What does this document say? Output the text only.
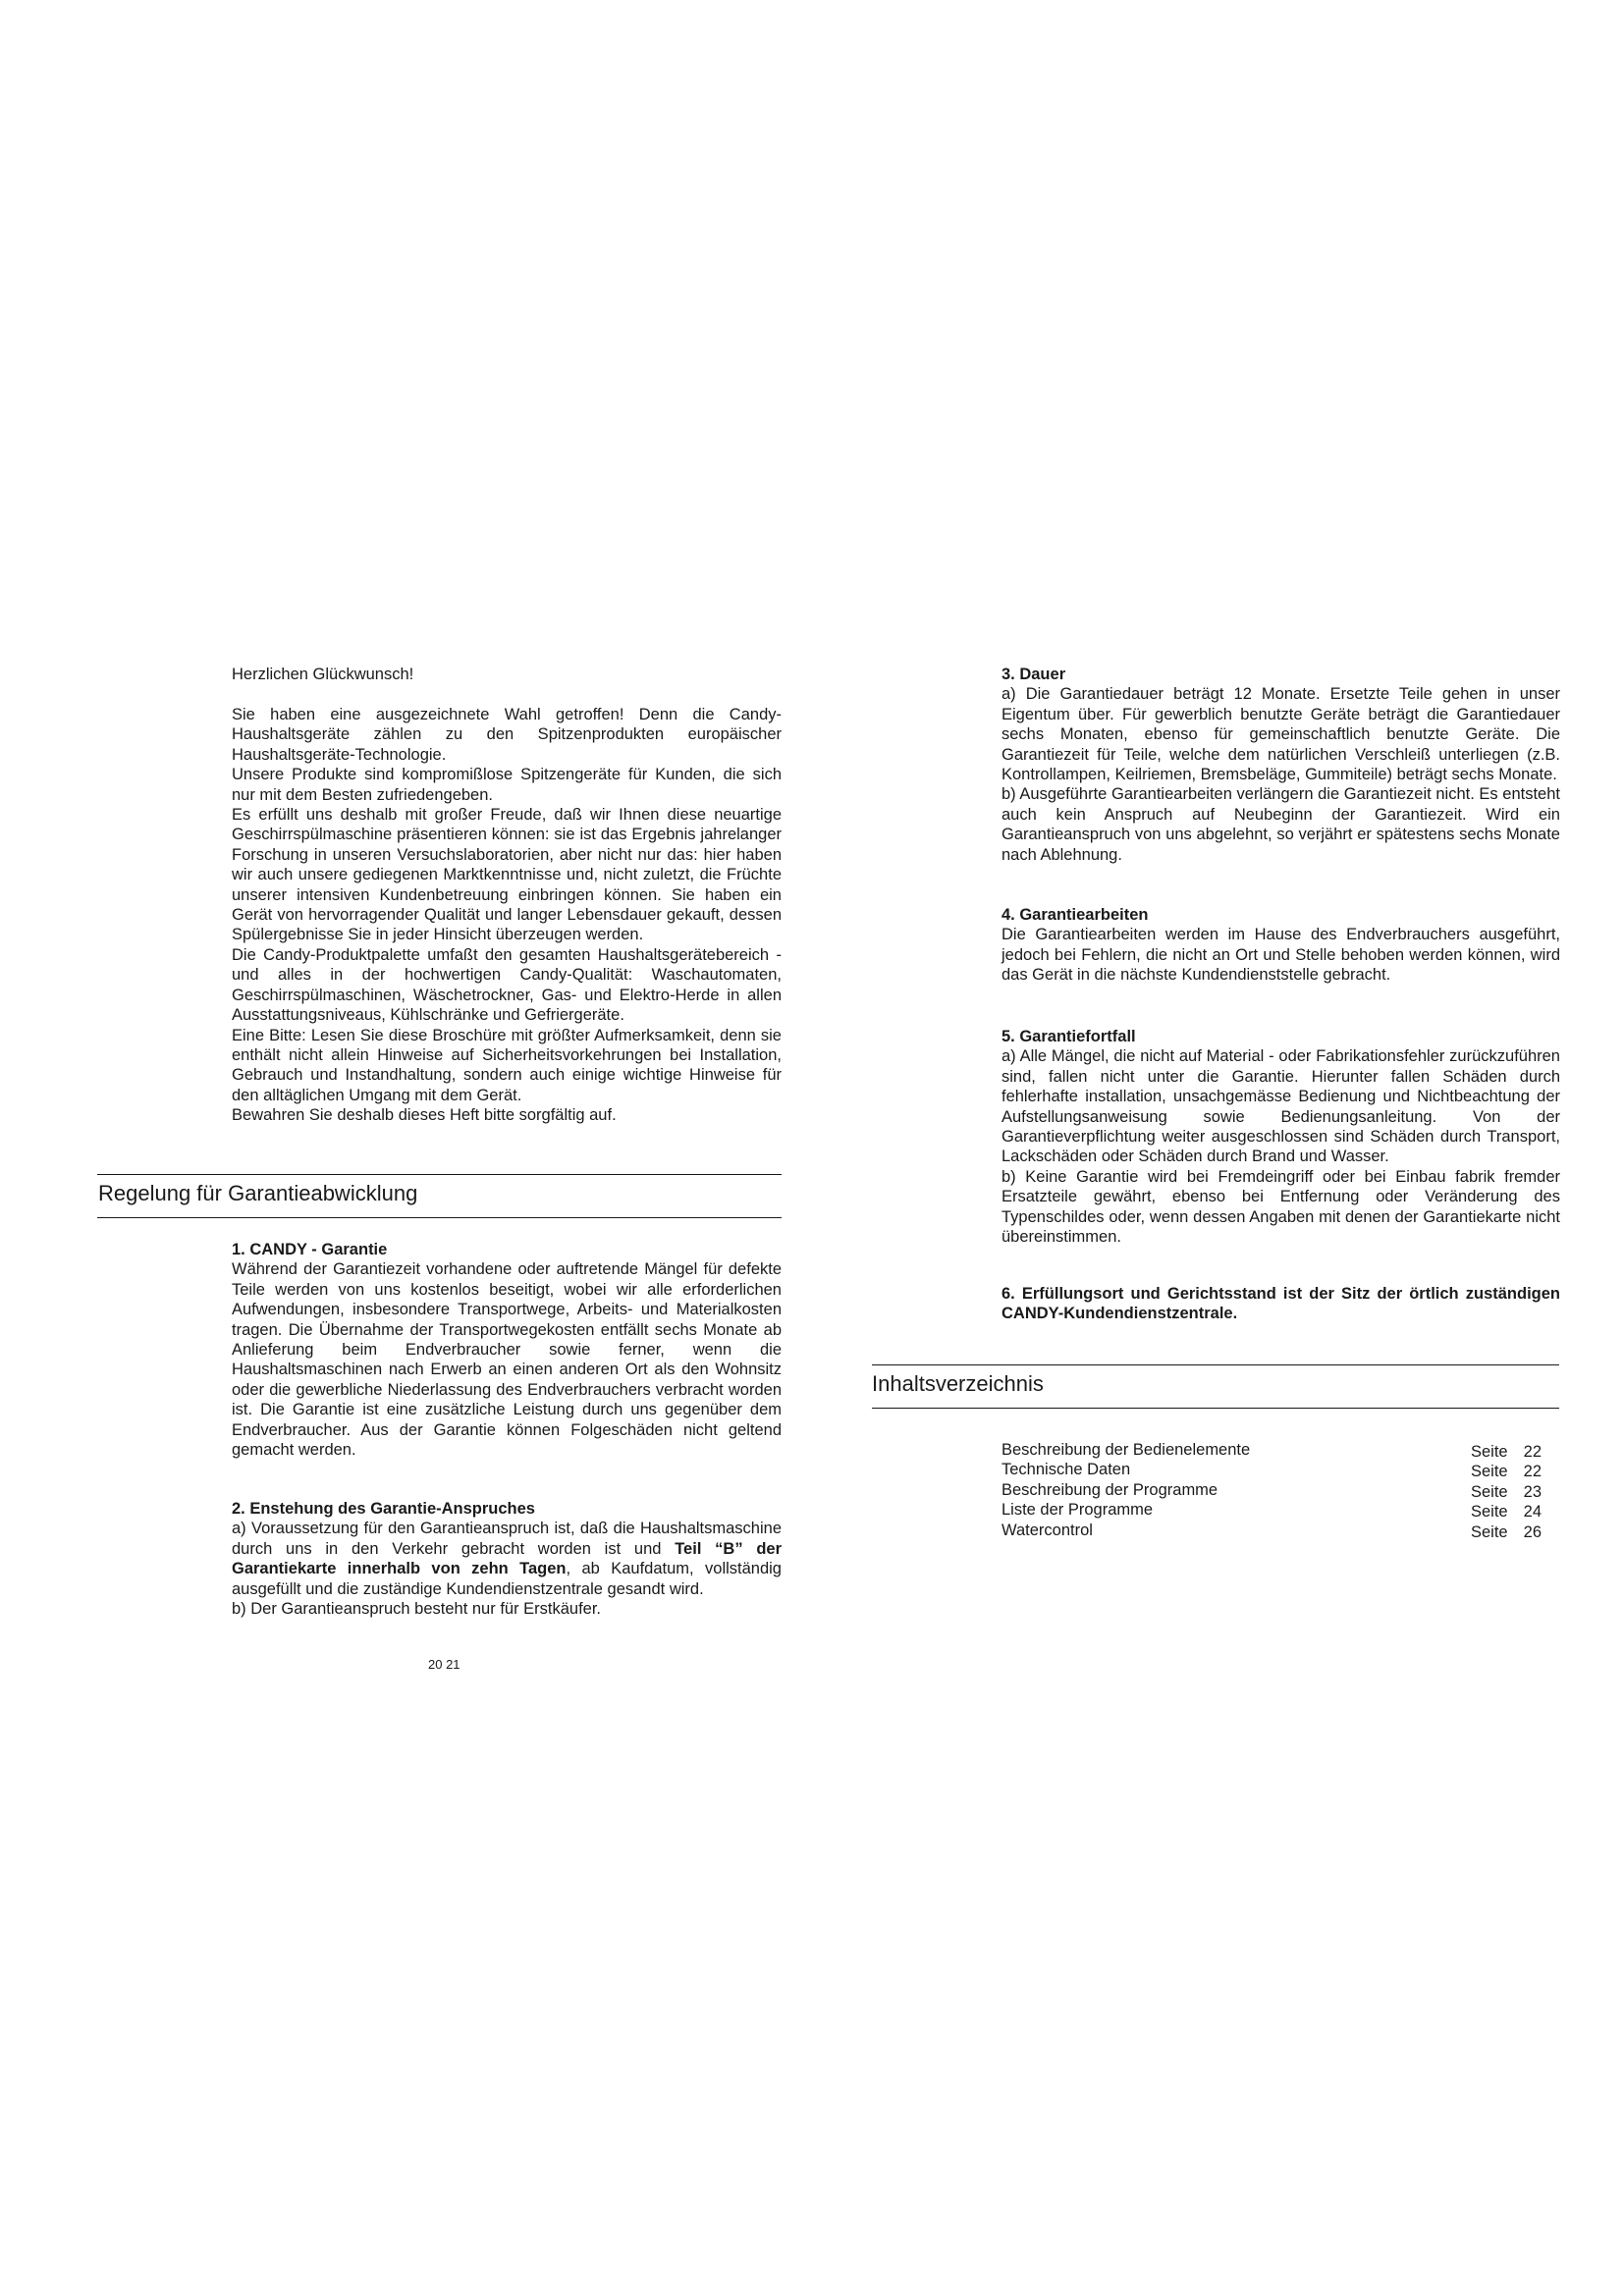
Herzlichen Glückwunsch!

Sie haben eine ausgezeichnete Wahl getroffen! Denn die Candy-Haushaltsgeräte zählen zu den Spitzenprodukten europäischer Haushaltsgeräte-Technologie.

Unsere Produkte sind kompromißlose Spitzengeräte für Kunden, die sich nur mit dem Besten zufriedengeben.

Es erfüllt uns deshalb mit großer Freude, daß wir Ihnen diese neuartige Geschirrspülmaschine präsentieren können: sie ist das Ergebnis jahrelanger Forschung in unseren Versuchslaboratorien, aber nicht nur das: hier haben wir auch unsere gediegenen Marktkenntnisse und, nicht zuletzt, die Früchte unserer intensiven Kundenbetreuung einbringen können. Sie haben ein Gerät von hervorragender Qualität und langer Lebensdauer gekauft, dessen Spülergebnisse Sie in jeder Hinsicht überzeugen werden.

Die Candy-Produktpalette umfaßt den gesamten Haushaltsgerätebereich - und alles in der hochwertigen Candy-Qualität: Waschautomaten, Geschirrspülmaschinen, Wäschetrockner, Gas- und Elektro-Herde in allen Ausstattungsniveaus, Kühlschränke und Gefriergeräte.

Eine Bitte: Lesen Sie diese Broschüre mit größter Aufmerksamkeit, denn sie enthält nicht allein Hinweise auf Sicherheitsvorkehrungen bei Installation, Gebrauch und Instandhaltung, sondern auch einige wichtige Hinweise für den alltäglichen Umgang mit dem Gerät.

Bewahren Sie deshalb dieses Heft bitte sorgfältig auf.

Regelung für Garantieabwicklung

1. CANDY - Garantie

Während der Garantiezeit vorhandene oder auftretende Mängel für defekte Teile werden von uns kostenlos beseitigt, wobei wir alle erforderlichen Aufwendungen, insbesondere Transportwege, Arbeits- und Materialkosten tragen. Die Übernahme der Transportwegekosten entfällt sechs Monate ab Anlieferung beim Endverbraucher sowie ferner, wenn die Haushaltsmaschinen nach Erwerb an einen anderen Ort als den Wohnsitz oder die gewerbliche Niederlassung des Endverbrauchers verbracht worden ist. Die Garantie ist eine zusätzliche Leistung durch uns gegenüber dem Endverbraucher. Aus der Garantie können Folgeschäden nicht geltend gemacht werden.

2. Enstehung des Garantie-Anspruches

a) Voraussetzung für den Garantieanspruch ist, daß die Haushaltsmaschine durch uns in den Verkehr gebracht worden ist und Teil “B” der Garantiekarte innerhalb von zehn Tagen, ab Kaufdatum, vollständig ausgefüllt und die zuständige Kundendienstzentrale gesandt wird.

b) Der Garantieanspruch besteht nur für Erstkäufer.

20 21

3. Dauer

a) Die Garantiedauer beträgt 12 Monate. Ersetzte Teile gehen in unser Eigentum über. Für gewerblich benutzte Geräte beträgt die Garantiedauer sechs Monaten, ebenso für gemeinschaftlich benutzte Geräte. Die Garantiezeit für Teile, welche dem natürlichen Verschleiß unterliegen (z.B. Kontrollampen, Keilriemen, Bremsbeläge, Gummiteile) beträgt sechs Monate.

b) Ausgeführte Garantiearbeiten verlängern die Garantiezeit nicht. Es entsteht auch kein Anspruch auf Neubeginn der Garantiezeit. Wird ein Garantieanspruch von uns abgelehnt, so verjährt er spätestens sechs Monate nach Ablehnung.

4. Garantiearbeiten

Die Garantiearbeiten werden im Hause des Endverbrauchers ausgeführt, jedoch bei Fehlern, die nicht an Ort und Stelle behoben werden können, wird das Gerät in die nächste Kundendienststelle gebracht.

5. Garantiefortfall

a) Alle Mängel, die nicht auf Material - oder Fabrikationsfehler zurückzuführen sind, fallen nicht unter die Garantie. Hierunter fallen Schäden durch fehlerhafte installation, unsachgemässe Bedienung und Nichtbeachtung der Aufstellungsanweisung sowie Bedienungsanleitung. Von der Garantieverpflichtung weiter ausgeschlossen sind Schäden durch Transport, Lackschäden oder Schäden durch Brand und Wasser.

b) Keine Garantie wird bei Fremdeingriff oder bei Einbau fabrik fremder Ersatzteile gewährt, ebenso bei Entfernung oder Veränderung des Typenschildes oder, wenn dessen Angaben mit denen der Garantiekarte nicht übereinstimmen.

6. Erfüllungsort und Gerichtsstand ist der Sitz der örtlich zuständigen CANDY-Kundendienstzentrale.

Inhaltsverzeichnis
Beschreibung der Bedienelemente
Technische Daten
Beschreibung der Programme
Liste der Programme
Watercontrol
Seite 22
Seite 22
Seite 23
Seite 24
Seite 26
